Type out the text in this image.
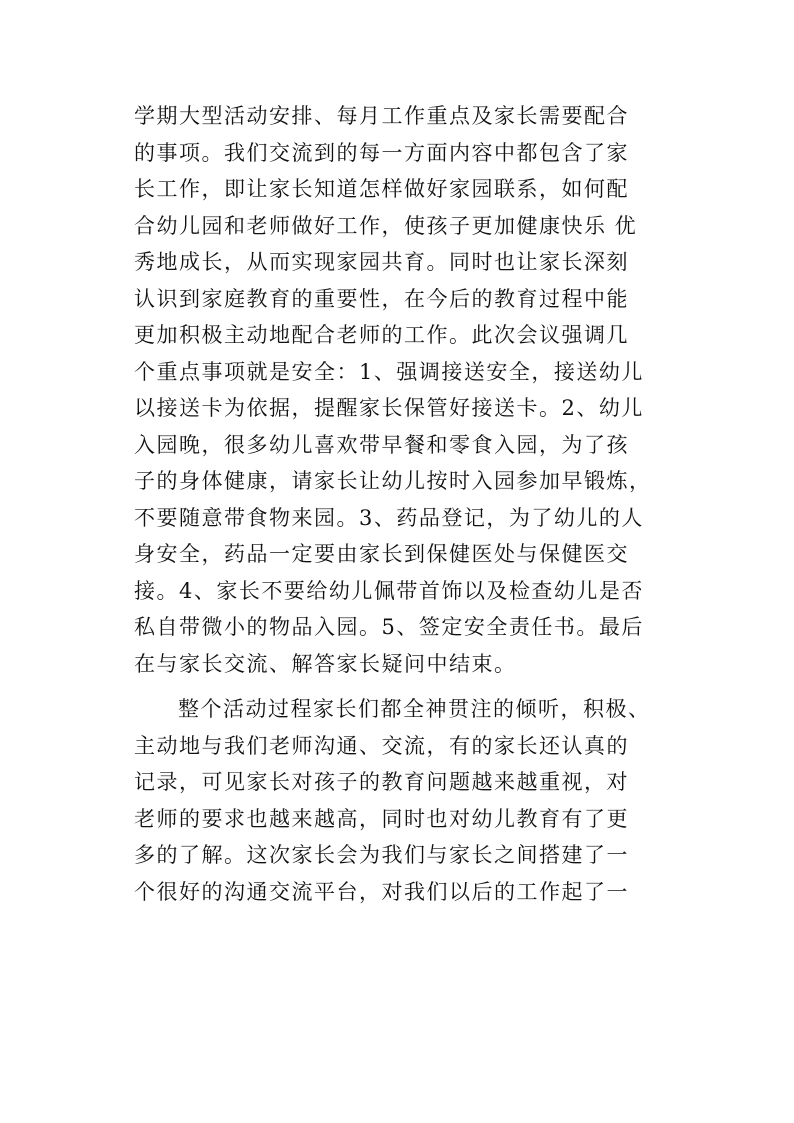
学期大型活动安排、每月工作重点及家长需要配合
的事项。我们交流到的每一方面内容中都包含了家
长工作，即让家长知道怎样做好家园联系，如何配
合幼儿园和老师做好工作，使孩子更加健康快乐 优
秀地成长，从而实现家园共育。同时也让家长深刻
认识到家庭教育的重要性，在今后的教育过程中能
更加积极主动地配合老师的工作。此次会议强调几
个重点事项就是安全：1、强调接送安全，接送幼儿
以接送卡为依据，提醒家长保管好接送卡。2、幼儿
入园晚，很多幼儿喜欢带早餐和零食入园，为了孩
子的身体健康，请家长让幼儿按时入园参加早锻炼，
不要随意带食物来园。3、药品登记，为了幼儿的人
身安全，药品一定要由家长到保健医处与保健医交
接。4、家长不要给幼儿佩带首饰以及检查幼儿是否
私自带微小的物品入园。5、签定安全责任书。最后
在与家长交流、解答家长疑问中结束。
整个活动过程家长们都全神贯注的倾听，积极、
主动地与我们老师沟通、交流，有的家长还认真的
记录，可见家长对孩子的教育问题越来越重视，对
老师的要求也越来越高，同时也对幼儿教育有了更
多的了解。这次家长会为我们与家长之间搭建了一
个很好的沟通交流平台，对我们以后的工作起了一
